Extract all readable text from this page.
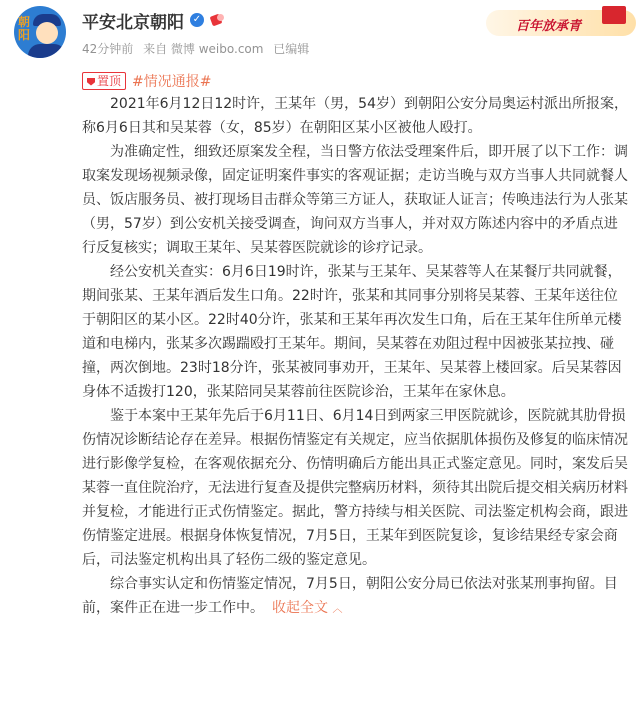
朝阳
平安北京朝阳 ✓
42分钟前 来自 微博 weibo.com 已编辑
百年放承青
置顶 #情况通报#

2021年6月12日12时许，王某年（男，54岁）到朝阳公安分局奥运村派出所报案，称6月6日其和吴某蓉（女，85岁）在朝阳区某小区被他人殴打。

为准确定性，细致还原案发全程，当日警方依法受理案件后，即开展了以下工作：调取案发现场视频录像，固定证明案件事实的客观证据；走访当晚与双方当事人共同就餐人员、饭店服务员、被打现场目击群众等第三方证人，获取证人证言；传唤违法行为人张某（男，57岁）到公安机关接受调查，询问双方当事人，并对双方陈述内容中的矛盾点进行反复核实；调取王某年、吴某蓉医院就诊的诊疗记录。

经公安机关查实：6月6日19时许，张某与王某年、吴某蓉等人在某餐厅共同就餐，期间张某、王某年酒后发生口角。22时许，张某和其同事分别将吴某蓉、王某年送往位于朝阳区的某小区。22时40分许，张某和王某年再次发生口角，后在王某年住所单元楼道和电梯内，张某多次踢踹殴打王某年。期间，吴某蓉在劝阻过程中因被张某拉拽、碰撞，两次倒地。23时18分许，张某被同事劝开，王某年、吴某蓉上楼回家。后吴某蓉因身体不适拨打120，张某陪同吴某蓉前往医院诊治，王某年在家休息。

鉴于本案中王某年先后于6月11日、6月14日到两家三甲医院就诊，医院就其肋骨损伤情况诊断结论存在差异。根据伤情鉴定有关规定，应当依据肌体损伤及修复的临床情况进行影像学复检，在客观依据充分、伤情明确后方能出具正式鉴定意见。同时，案发后吴某蓉一直住院治疗，无法进行复查及提供完整病历材料，须待其出院后提交相关病历材料并复检，才能进行正式伤情鉴定。据此，警方持续与相关医院、司法鉴定机构会商，跟进伤情鉴定进展。根据身体恢复情况，7月5日，王某年到医院复诊，复诊结果经专家会商后，司法鉴定机构出具了轻伤二级的鉴定意见。

综合事实认定和伤情鉴定情况，7月5日，朝阳公安分局已依法对张某刑事拘留。目前，案件正在进一步工作中。 收起全文 ︿
